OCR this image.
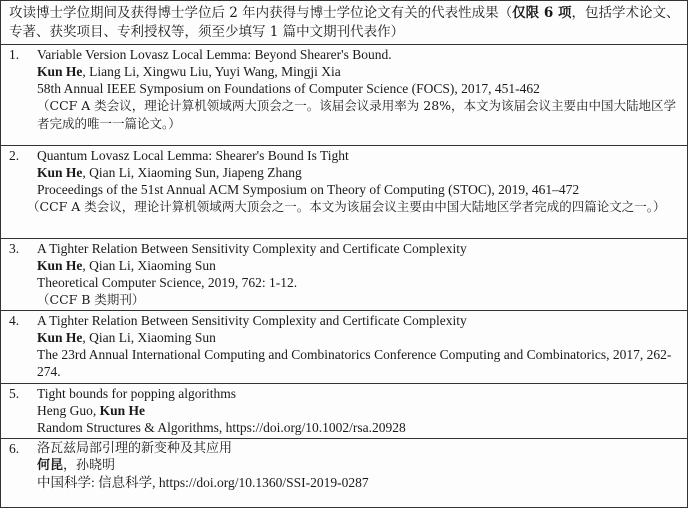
攻读博士学位期间及获得博士学位后 2 年内获得与博士学位论文有关的代表性成果（仅限 6 项，包括学术论文、专著、获奖项目、专利授权等，须至少填写 1 篇中文期刊代表作）
1. Variable Version Lovasz Local Lemma: Beyond Shearer's Bound.
Kun He, Liang Li, Xingwu Liu, Yuyi Wang, Mingji Xia
58th Annual IEEE Symposium on Foundations of Computer Science (FOCS), 2017, 451-462
（CCF A 类会议，理论计算机领域两大顶会之一。该届会议录用率为 28%，本文为该届会议主要由中国大陆地区学者完成的唯一一篇论文。）
2. Quantum Lovasz Local Lemma: Shearer's Bound Is Tight
Kun He, Qian Li, Xiaoming Sun, Jiapeng Zhang
Proceedings of the 51st Annual ACM Symposium on Theory of Computing (STOC), 2019, 461–472
（CCF A 类会议，理论计算机领域两大顶会之一。本文为该届会议主要由中国大陆地区学者完成的四篇论文之一。）
3. A Tighter Relation Between Sensitivity Complexity and Certificate Complexity
Kun He, Qian Li, Xiaoming Sun
Theoretical Computer Science, 2019, 762: 1-12.
（CCF B 类期刊）
4. A Tighter Relation Between Sensitivity Complexity and Certificate Complexity
Kun He, Qian Li, Xiaoming Sun
The 23rd Annual International Computing and Combinatorics Conference Computing and Combinatorics, 2017, 262-274.
5. Tight bounds for popping algorithms
Heng Guo, Kun He
Random Structures & Algorithms, https://doi.org/10.1002/rsa.20928
6. 洛瓦兹局部引理的新变种及其应用
何昆，孙晓明
中国科学: 信息科学, https://doi.org/10.1360/SSI-2019-0287
